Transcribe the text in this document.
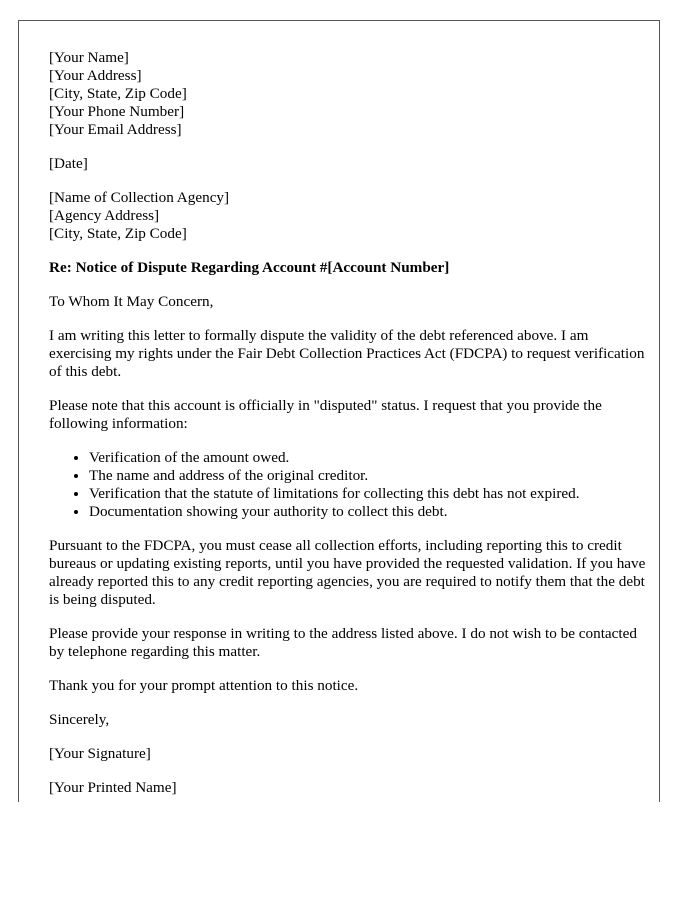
[Your Name]
[Your Address]
[City, State, Zip Code]
[Your Phone Number]
[Your Email Address]

[Date]

[Name of Collection Agency]
[Agency Address]
[City, State, Zip Code]

Re: Notice of Dispute Regarding Account #[Account Number]

To Whom It May Concern,

I am writing this letter to formally dispute the validity of the debt referenced above. I am exercising my rights under the Fair Debt Collection Practices Act (FDCPA) to request verification of this debt.

Please note that this account is officially in "disputed" status. I request that you provide the following information:

• Verification of the amount owed.
• The name and address of the original creditor.
• Verification that the statute of limitations for collecting this debt has not expired.
• Documentation showing your authority to collect this debt.

Pursuant to the FDCPA, you must cease all collection efforts, including reporting this to credit bureaus or updating existing reports, until you have provided the requested validation. If you have already reported this to any credit reporting agencies, you are required to notify them that the debt is being disputed.

Please provide your response in writing to the address listed above. I do not wish to be contacted by telephone regarding this matter.

Thank you for your prompt attention to this notice.

Sincerely,

[Your Signature]

[Your Printed Name]
